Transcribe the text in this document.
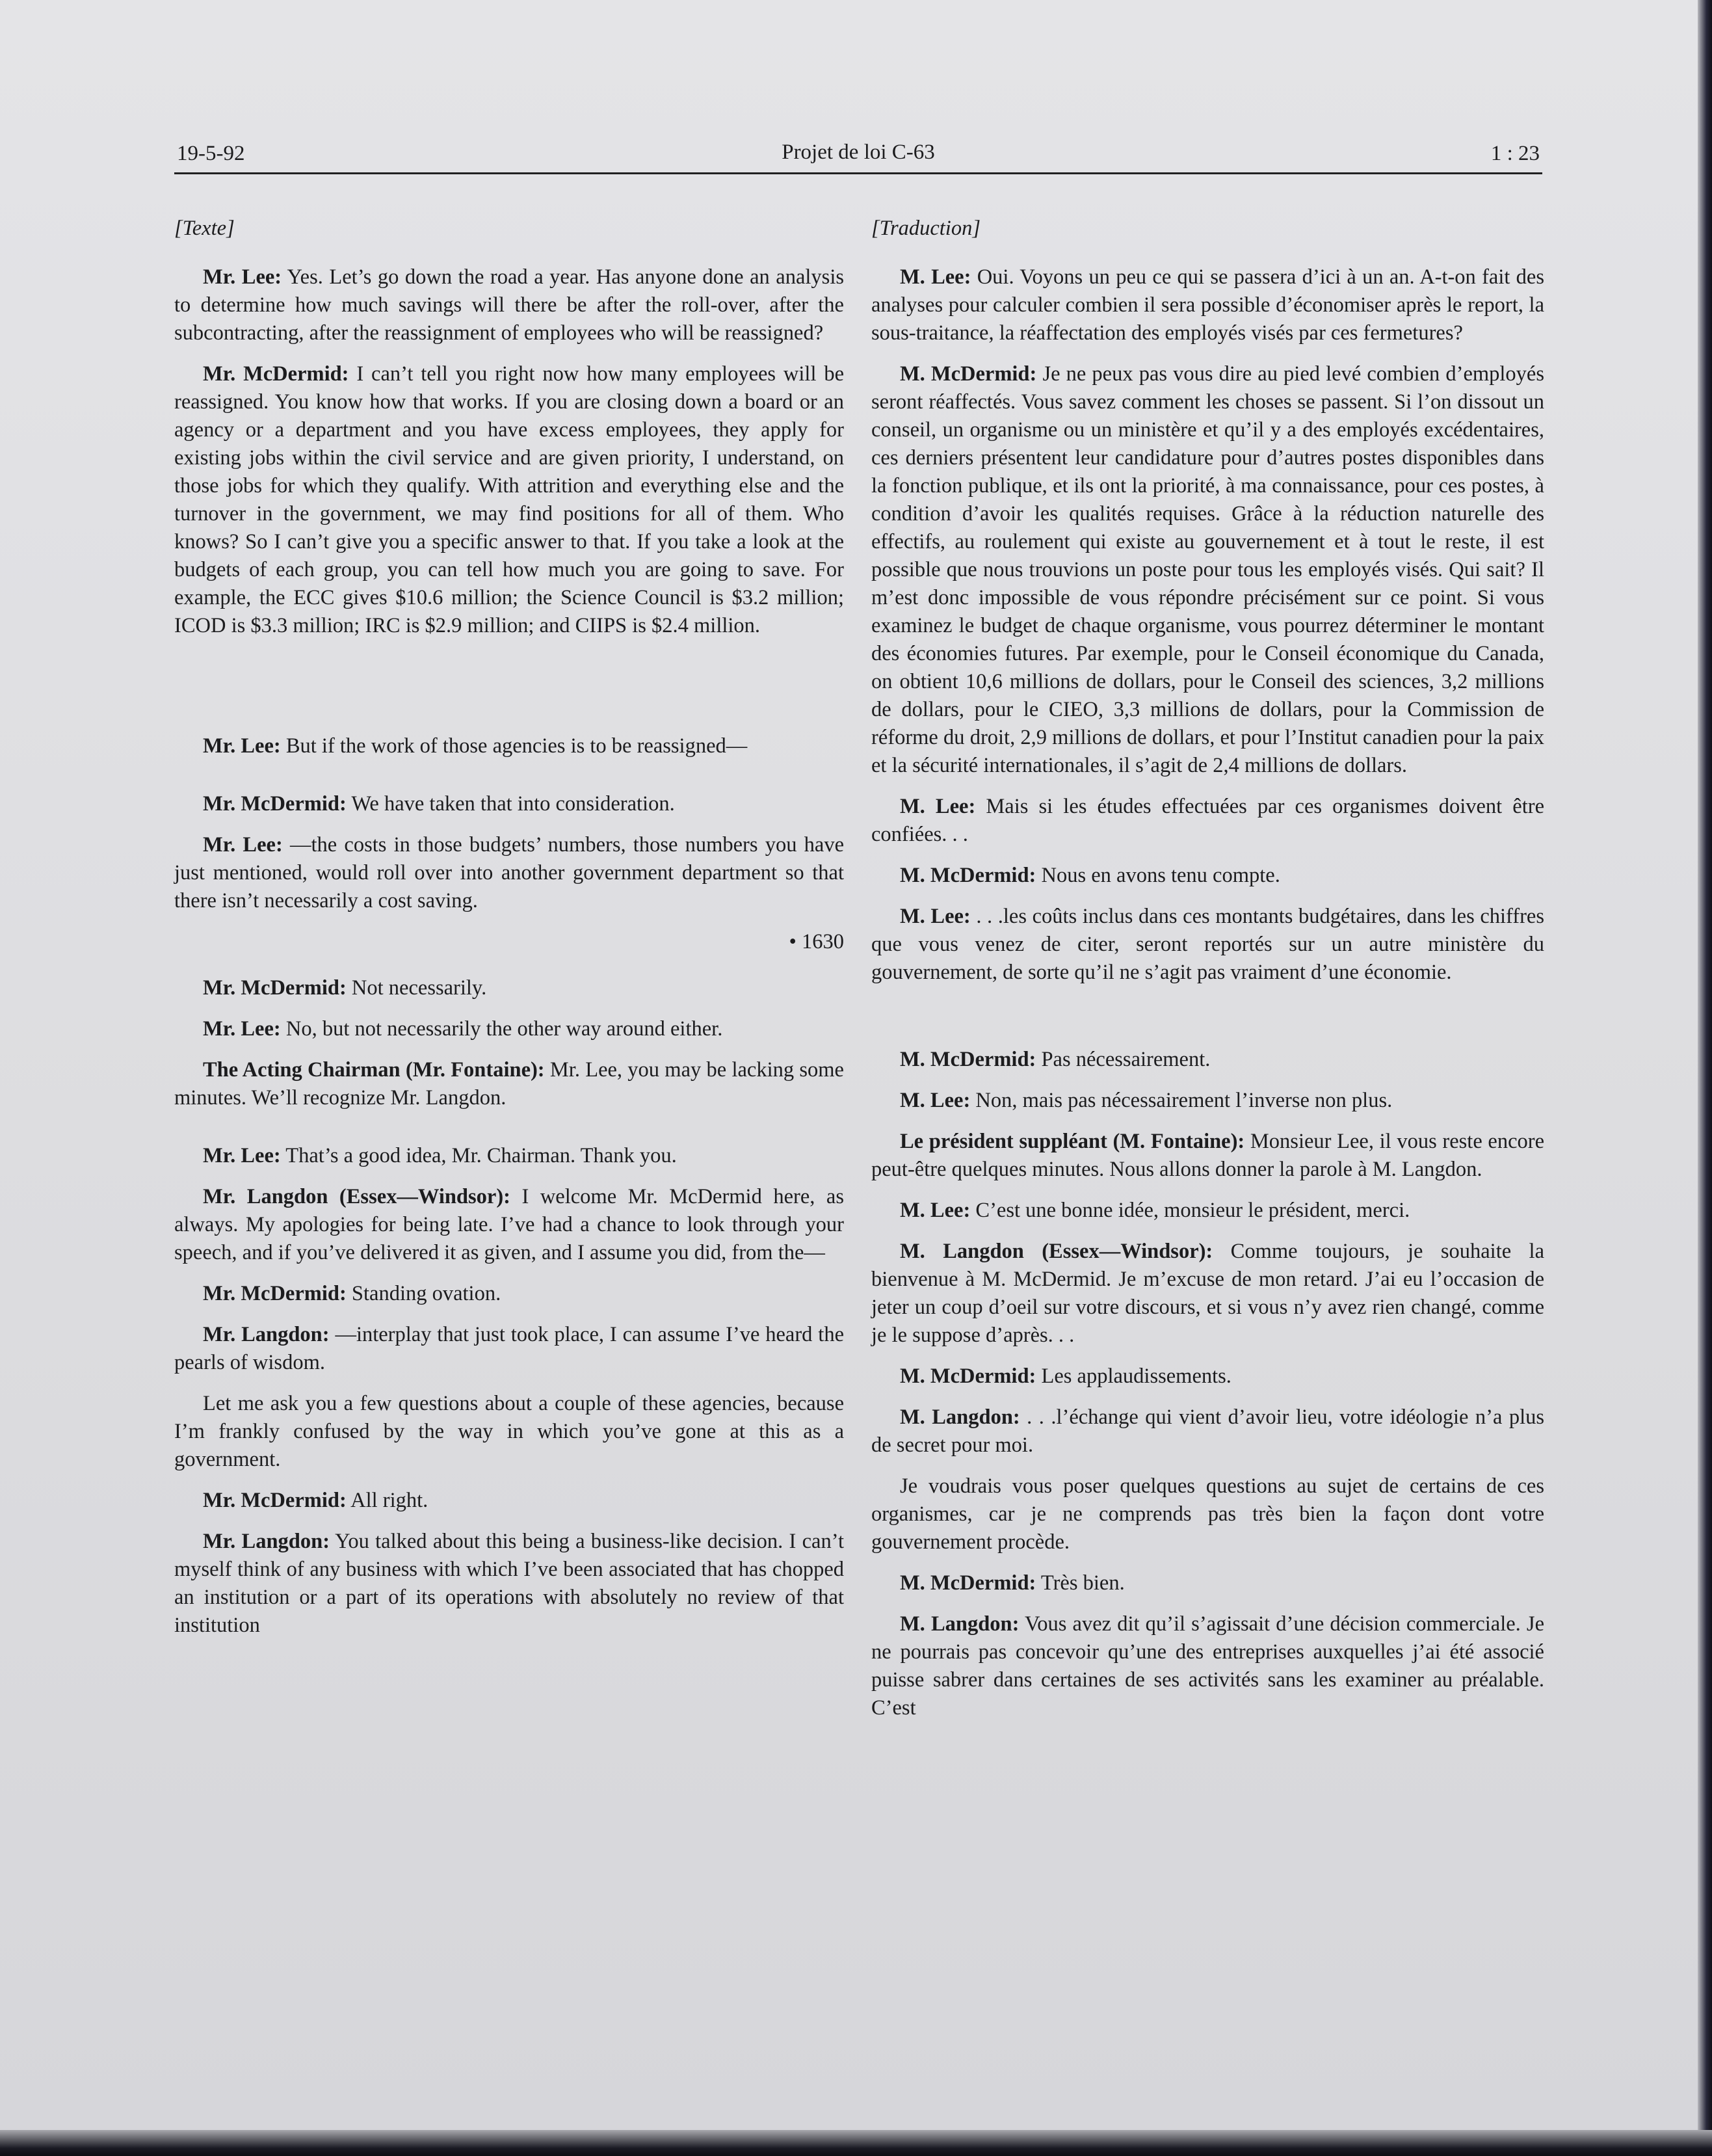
19-5-92	Projet de loi C-63	1 : 23
[Texte]

Mr. Lee: Yes. Let’s go down the road a year. Has anyone done an analysis to determine how much savings will there be after the roll-over, after the subcontracting, after the reassignment of employees who will be reassigned?

Mr. McDermid: I can’t tell you right now how many employees will be reassigned. You know how that works. If you are closing down a board or an agency or a department and you have excess employees, they apply for existing jobs within the civil service and are given priority, I understand, on those jobs for which they qualify. With attrition and everything else and the turnover in the government, we may find positions for all of them. Who knows? So I can’t give you a specific answer to that. If you take a look at the budgets of each group, you can tell how much you are going to save. For example, the ECC gives $10.6 million; the Science Council is $3.2 million; ICOD is $3.3 million; IRC is $2.9 million; and CIIPS is $2.4 million.

Mr. Lee: But if the work of those agencies is to be reassigned—

Mr. McDermid: We have taken that into consideration.

Mr. Lee: —the costs in those budgets’ numbers, those numbers you have just mentioned, would roll over into another government department so that there isn’t necessarily a cost saving.

• 1630

Mr. McDermid: Not necessarily.

Mr. Lee: No, but not necessarily the other way around either.

The Acting Chairman (Mr. Fontaine): Mr. Lee, you may be lacking some minutes. We’ll recognize Mr. Langdon.

Mr. Lee: That’s a good idea, Mr. Chairman. Thank you.

Mr. Langdon (Essex—Windsor): I welcome Mr. McDermid here, as always. My apologies for being late. I’ve had a chance to look through your speech, and if you’ve delivered it as given, and I assume you did, from the—

Mr. McDermid: Standing ovation.

Mr. Langdon: —interplay that just took place, I can assume I’ve heard the pearls of wisdom.

Let me ask you a few questions about a couple of these agencies, because I’m frankly confused by the way in which you’ve gone at this as a government.

Mr. McDermid: All right.

Mr. Langdon: You talked about this being a business-like decision. I can’t myself think of any business with which I’ve been associated that has chopped an institution or a part of its operations with absolutely no review of that institution

[Traduction]

M. Lee: Oui. Voyons un peu ce qui se passera d’ici à un an. A-t-on fait des analyses pour calculer combien il sera possible d’économiser après le report, la sous-traitance, la réaffectation des employés visés par ces fermetures?

M. McDermid: Je ne peux pas vous dire au pied levé combien d’employés seront réaffectés. Vous savez comment les choses se passent. Si l’on dissout un conseil, un organisme ou un ministère et qu’il y a des employés excédentaires, ces derniers présentent leur candidature pour d’autres postes disponibles dans la fonction publique, et ils ont la priorité, à ma connaissance, pour ces postes, à condition d’avoir les qualités requises. Grâce à la réduction naturelle des effectifs, au roulement qui existe au gouvernement et à tout le reste, il est possible que nous trouvions un poste pour tous les employés visés. Qui sait? Il m’est donc impossible de vous répondre précisément sur ce point. Si vous examinez le budget de chaque organisme, vous pourrez déterminer le montant des économies futures. Par exemple, pour le Conseil économique du Canada, on obtient 10,6 millions de dollars, pour le Conseil des sciences, 3,2 millions de dollars, pour le CIEO, 3,3 millions de dollars, pour la Commission de réforme du droit, 2,9 millions de dollars, et pour l’Institut canadien pour la paix et la sécurité internationales, il s’agit de 2,4 millions de dollars.

M. Lee: Mais si les études effectuées par ces organismes doivent être confiées. . .

M. McDermid: Nous en avons tenu compte.

M. Lee: . . .les coûts inclus dans ces montants budgétaires, dans les chiffres que vous venez de citer, seront reportés sur un autre ministère du gouvernement, de sorte qu’il ne s’agit pas vraiment d’une économie.

M. McDermid: Pas nécessairement.

M. Lee: Non, mais pas nécessairement l’inverse non plus.

Le président suppléant (M. Fontaine): Monsieur Lee, il vous reste encore peut-être quelques minutes. Nous allons donner la parole à M. Langdon.

M. Lee: C’est une bonne idée, monsieur le président, merci.

M. Langdon (Essex—Windsor): Comme toujours, je souhaite la bienvenue à M. McDermid. Je m’excuse de mon retard. J’ai eu l’occasion de jeter un coup d’oeil sur votre discours, et si vous n’y avez rien changé, comme je le suppose d’après. . .

M. McDermid: Les applaudissements.

M. Langdon: . . .l’échange qui vient d’avoir lieu, votre idéologie n’a plus de secret pour moi.

Je voudrais vous poser quelques questions au sujet de certains de ces organismes, car je ne comprends pas très bien la façon dont votre gouvernement procède.

M. McDermid: Très bien.

M. Langdon: Vous avez dit qu’il s’agissait d’une décision commerciale. Je ne pourrais pas concevoir qu’une des entreprises auxquelles j’ai été associé puisse sabrer dans certaines de ses activités sans les examiner au préalable. C’est
